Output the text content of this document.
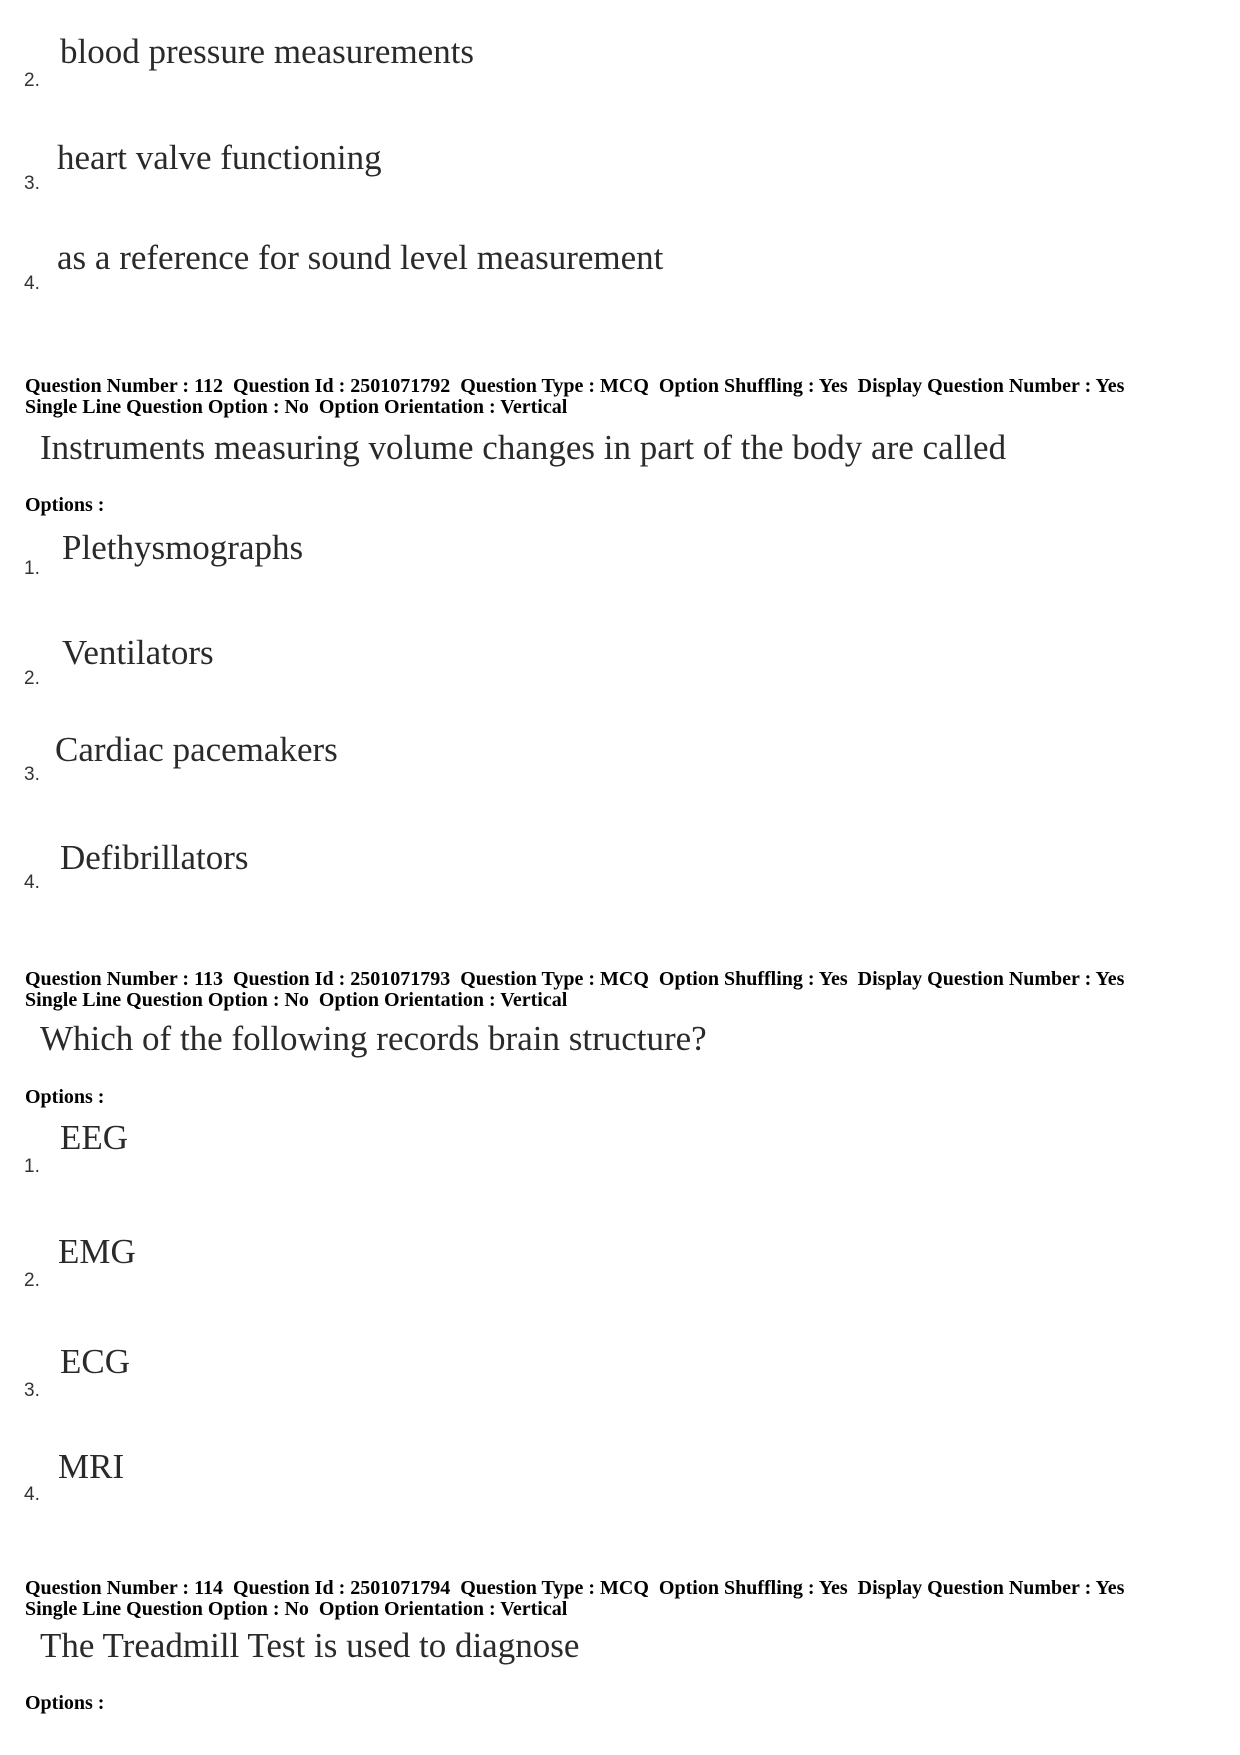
blood pressure measurements
2.
heart valve functioning
3.
as a reference for sound level measurement
4.
Question Number : 112  Question Id : 2501071792  Question Type : MCQ  Option Shuffling : Yes  Display Question Number : Yes
Single Line Question Option : No  Option Orientation : Vertical
Instruments measuring volume changes in part of the body are called
Options :
Plethysmographs
1.
Ventilators
2.
Cardiac pacemakers
3.
Defibrillators
4.
Question Number : 113  Question Id : 2501071793  Question Type : MCQ  Option Shuffling : Yes  Display Question Number : Yes
Single Line Question Option : No  Option Orientation : Vertical
Which of the following records brain structure?
Options :
EEG
1.
EMG
2.
ECG
3.
MRI
4.
Question Number : 114  Question Id : 2501071794  Question Type : MCQ  Option Shuffling : Yes  Display Question Number : Yes
Single Line Question Option : No  Option Orientation : Vertical
The Treadmill Test is used to diagnose
Options :
